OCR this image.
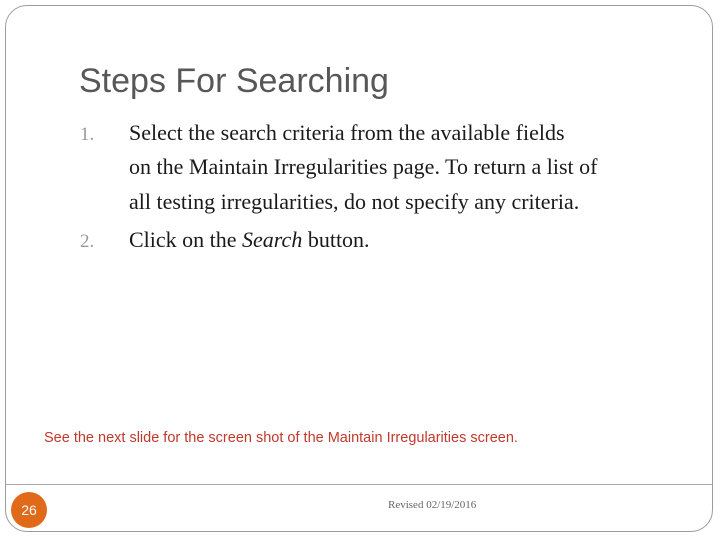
Steps For Searching
1. Select the search criteria from the available fields
on the Maintain Irregularities page. To return a list of
all testing irregularities, do not specify any criteria.
2. Click on the Search button.
See the next slide for the screen shot of the Maintain Irregularities screen.
26	Revised 02/19/2016
